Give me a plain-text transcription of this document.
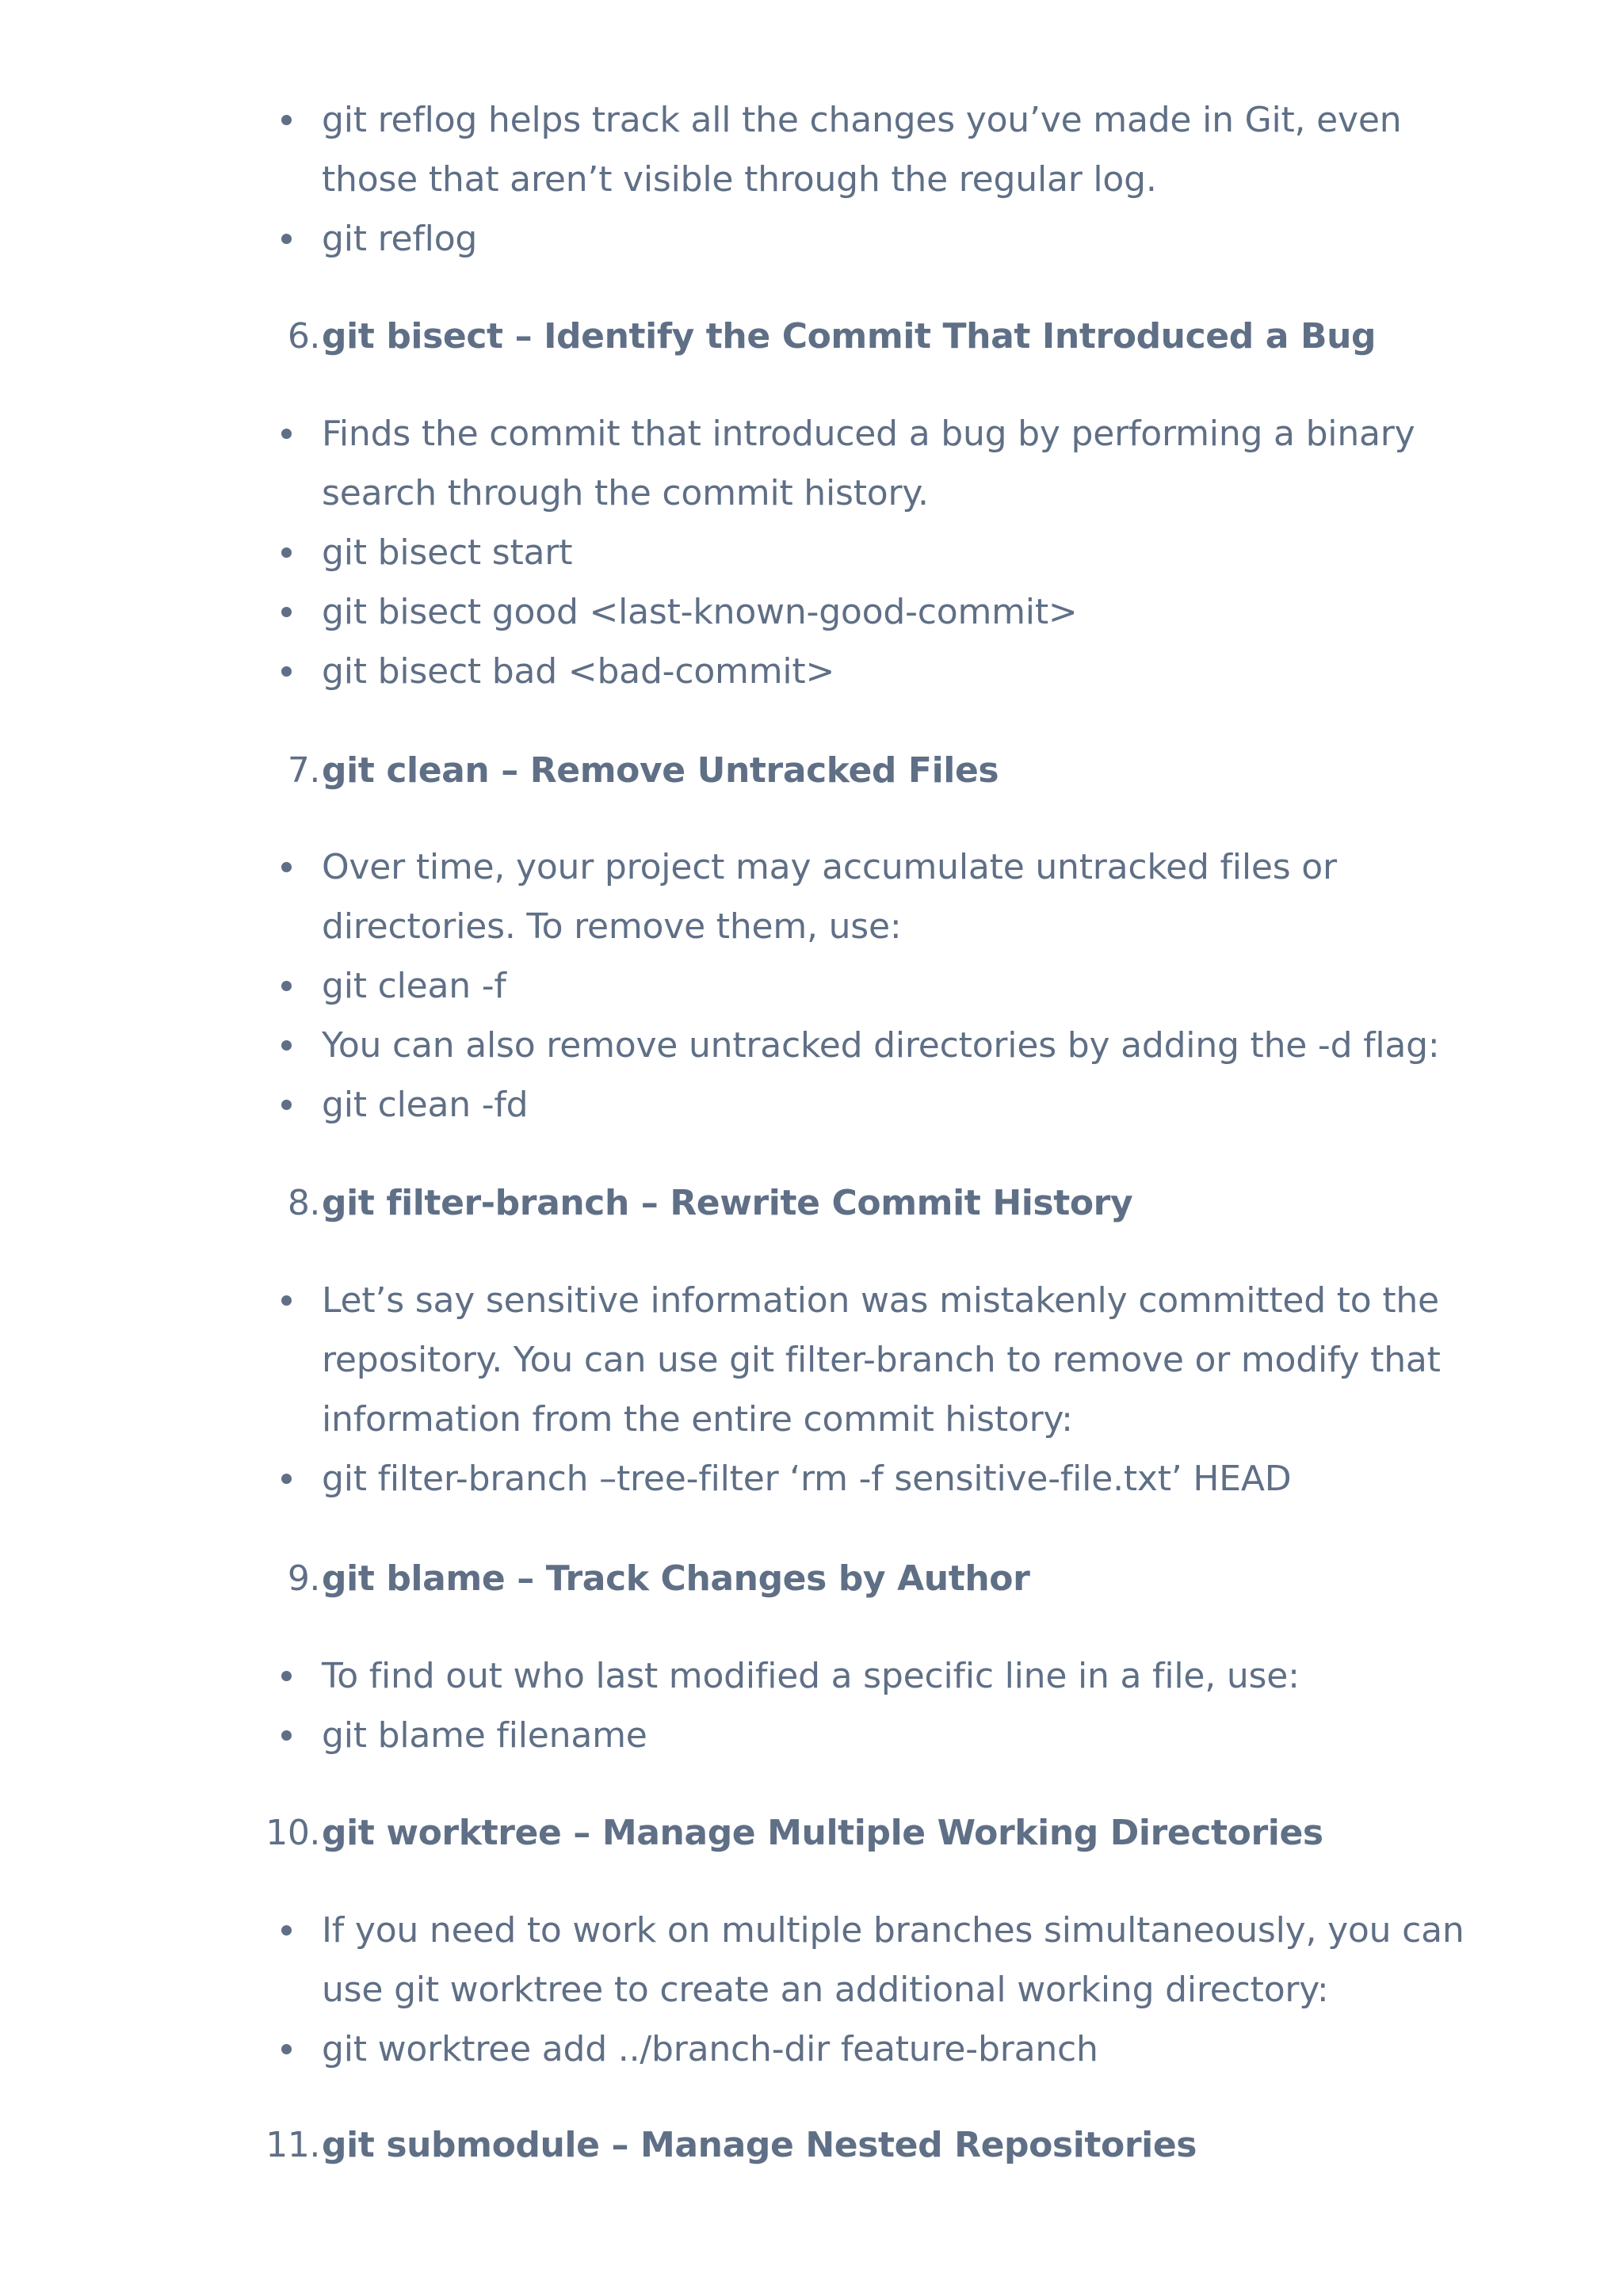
git reflog helps track all the changes you’ve made in Git, even those that aren’t visible through the regular log.
git reflog
6. git bisect – Identify the Commit That Introduced a Bug
Finds the commit that introduced a bug by performing a binary search through the commit history.
git bisect start
git bisect good <last-known-good-commit>
git bisect bad <bad-commit>
7. git clean – Remove Untracked Files
Over time, your project may accumulate untracked files or directories. To remove them, use:
git clean -f
You can also remove untracked directories by adding the -d flag:
git clean -fd
8. git filter-branch – Rewrite Commit History
Let’s say sensitive information was mistakenly committed to the repository. You can use git filter-branch to remove or modify that information from the entire commit history:
git filter-branch –tree-filter ‘rm -f sensitive-file.txt’ HEAD
9. git blame – Track Changes by Author
To find out who last modified a specific line in a file, use:
git blame filename
10. git worktree – Manage Multiple Working Directories
If you need to work on multiple branches simultaneously, you can use git worktree to create an additional working directory:
git worktree add ../branch-dir feature-branch
11. git submodule – Manage Nested Repositories
